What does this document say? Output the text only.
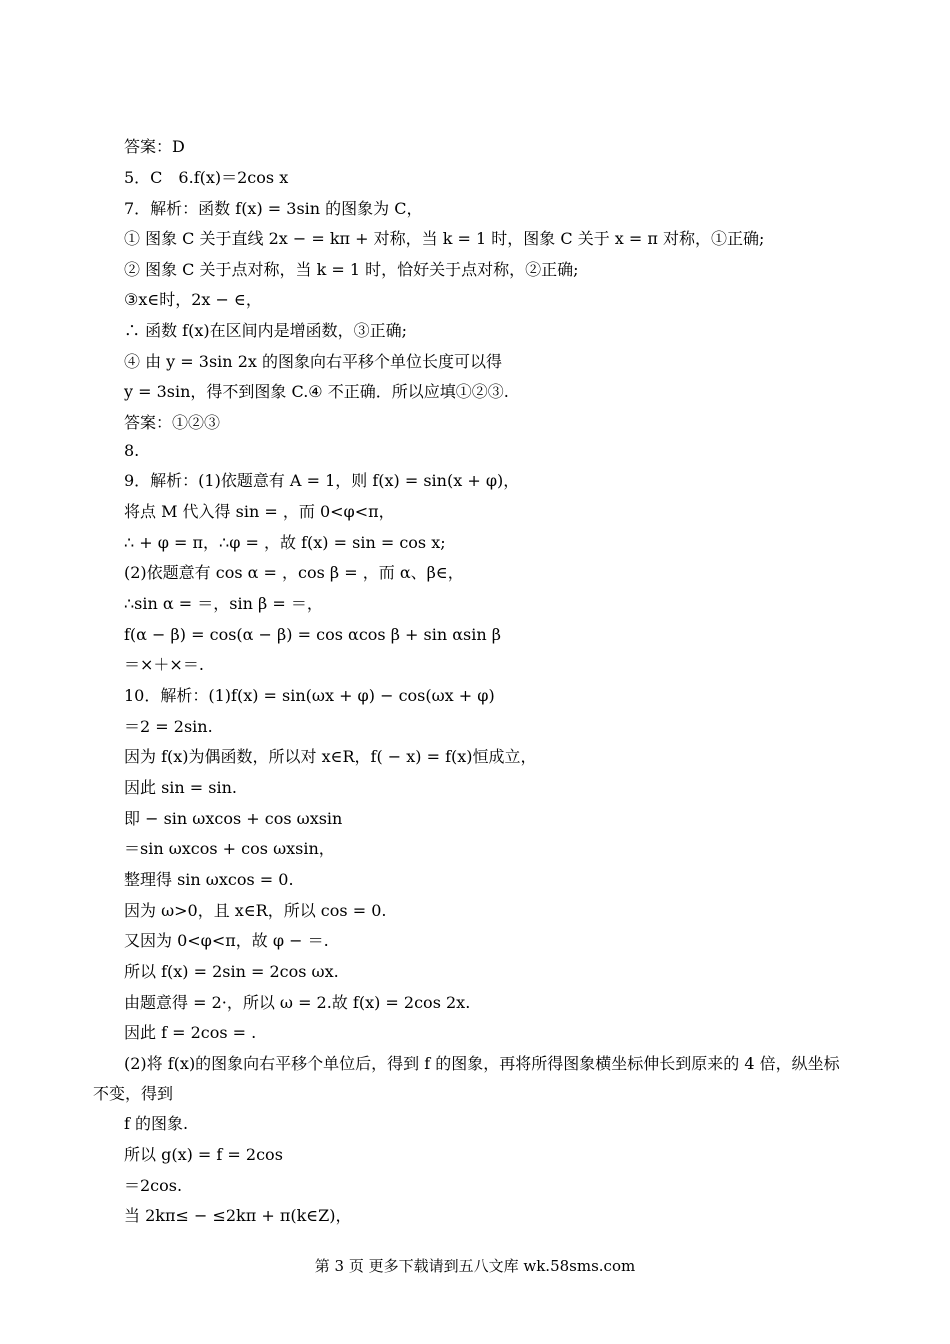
答案：D
5．C　6.f(x)＝2cos x
7．解析：函数 f(x) = 3sin 的图象为 C，
① 图象 C 关于直线 2x − = kπ + 对称，当 k = 1 时，图象 C 关于 x = π 对称，①正确;
② 图象 C 关于点对称，当 k = 1 时，恰好关于点对称，②正确;
③x∈时，2x − ∈，
∴ 函数 f(x)在区间内是增函数，③正确;
④ 由 y = 3sin 2x 的图象向右平移个单位长度可以得
y = 3sin，得不到图象 C.④ 不正确．所以应填①②③.
答案：①②③
8.
9．解析：(1)依题意有 A = 1，则 f(x) = sin(x + φ)，
将点 M 代入得 sin = ，而 0<φ<π，
∴ + φ = π，∴φ = ，故 f(x) = sin = cos x;
(2)依题意有 cos α = ，cos β = ，而 α、β∈，
∴sin α = ＝，sin β = ＝，
f(α − β) = cos(α − β) = cos αcos β + sin αsin β
＝×＋×＝.
10．解析：(1)f(x) = sin(ωx + φ) − cos(ωx + φ)
＝2 = 2sin.
因为 f(x)为偶函数，所以对 x∈R，f( − x) = f(x)恒成立，
因此 sin = sin.
即 − sin ωxcos + cos ωxsin
＝sin ωxcos + cos ωxsin，
整理得 sin ωxcos = 0.
因为 ω>0，且 x∈R，所以 cos = 0.
又因为 0<φ<π，故 φ − ＝.
所以 f(x) = 2sin = 2cos ωx.
由题意得 = 2·，所以 ω = 2.故 f(x) = 2cos 2x.
因此 f = 2cos = .
(2)将 f(x)的图象向右平移个单位后，得到 f 的图象，再将所得图象横坐标伸长到原来的 4 倍，纵坐标
不变，得到
f 的图象.
所以 g(x) = f = 2cos
＝2cos.
当 2kπ≤ − ≤2kπ + π(k∈Z)，
第 3 页 更多下载请到五八文库 wk.58sms.com
